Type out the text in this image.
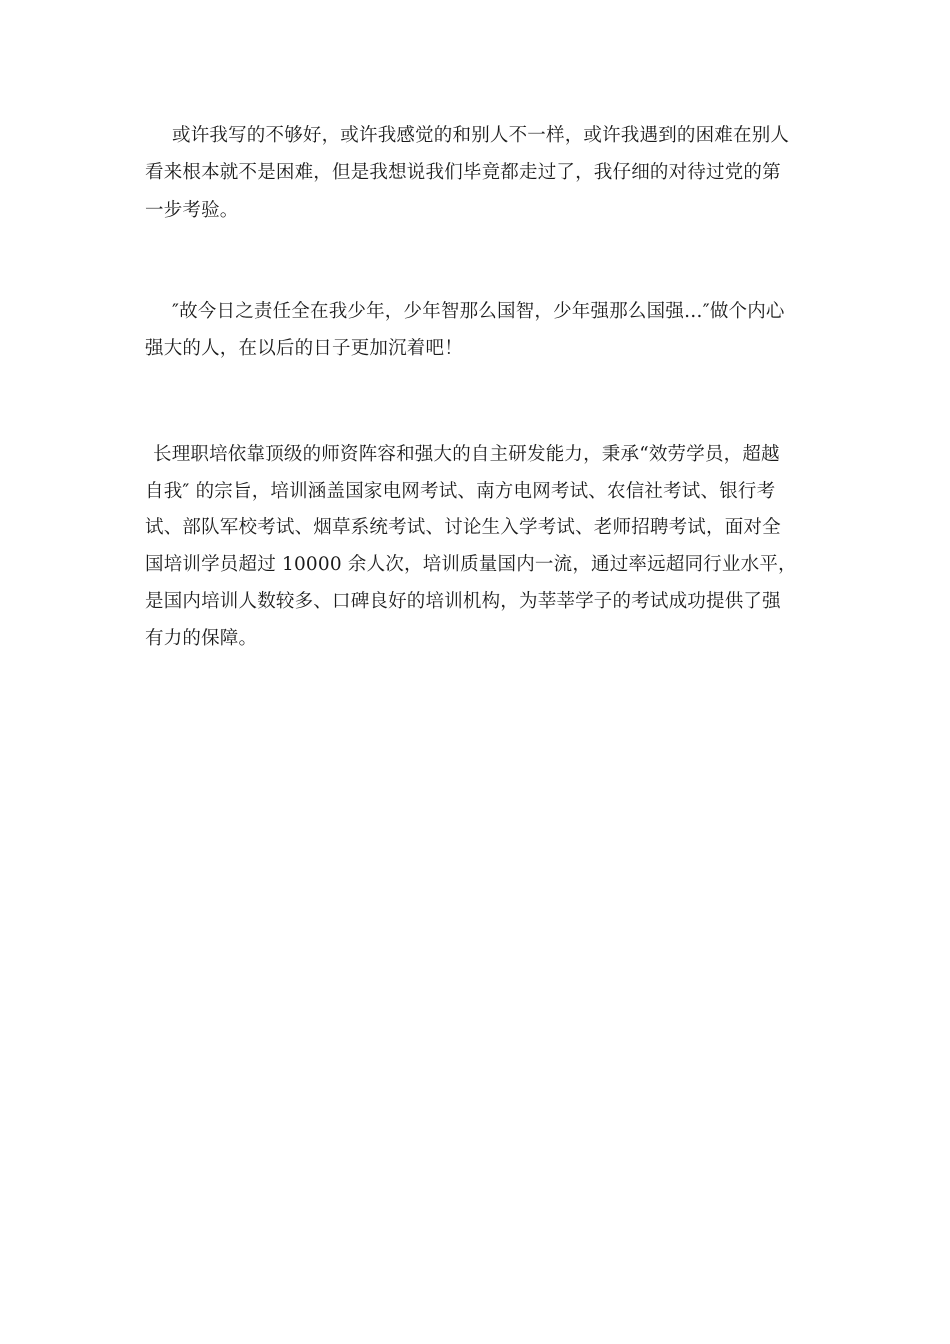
或许我写的不够好，或许我感觉的和别人不一样，或许我遇到的困难在别人
看来根本就不是困难，但是我想说我们毕竟都走过了，我仔细的对待过党的第
一步考验。
″故今日之责任全在我少年，少年智那么国智，少年强那么国强…″做个内心
强大的人，在以后的日子更加沉着吧！
长理职培依靠顶级的师资阵容和强大的自主研发能力，秉承“效劳学员，超越
自我″ 的宗旨，培训涵盖国家电网考试、南方电网考试、农信社考试、银行考
试、部队军校考试、烟草系统考试、讨论生入学考试、老师招聘考试，面对全
国培训学员超过 10000 余人次，培训质量国内一流，通过率远超同行业水平，
是国内培训人数较多、口碑良好的培训机构，为莘莘学子的考试成功提供了强
有力的保障。
